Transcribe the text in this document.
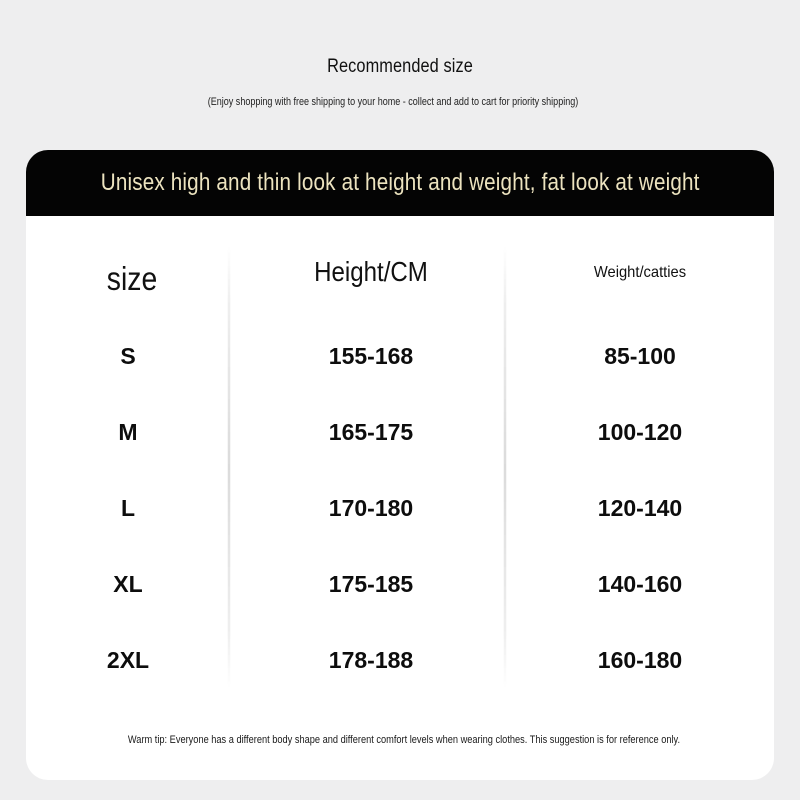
Recommended size
(Enjoy shopping with free shipping to your home - collect and add to cart for priority shipping)
Unisex high and thin look at height and weight, fat look at weight
size	Height/CM	Weight/catties
S	155-168	85-100
M	165-175	100-120
L	170-180	120-140
XL	175-185	140-160
2XL	178-188	160-180
Warm tip: Everyone has a different body shape and different comfort levels when wearing clothes. This suggestion is for reference only.
